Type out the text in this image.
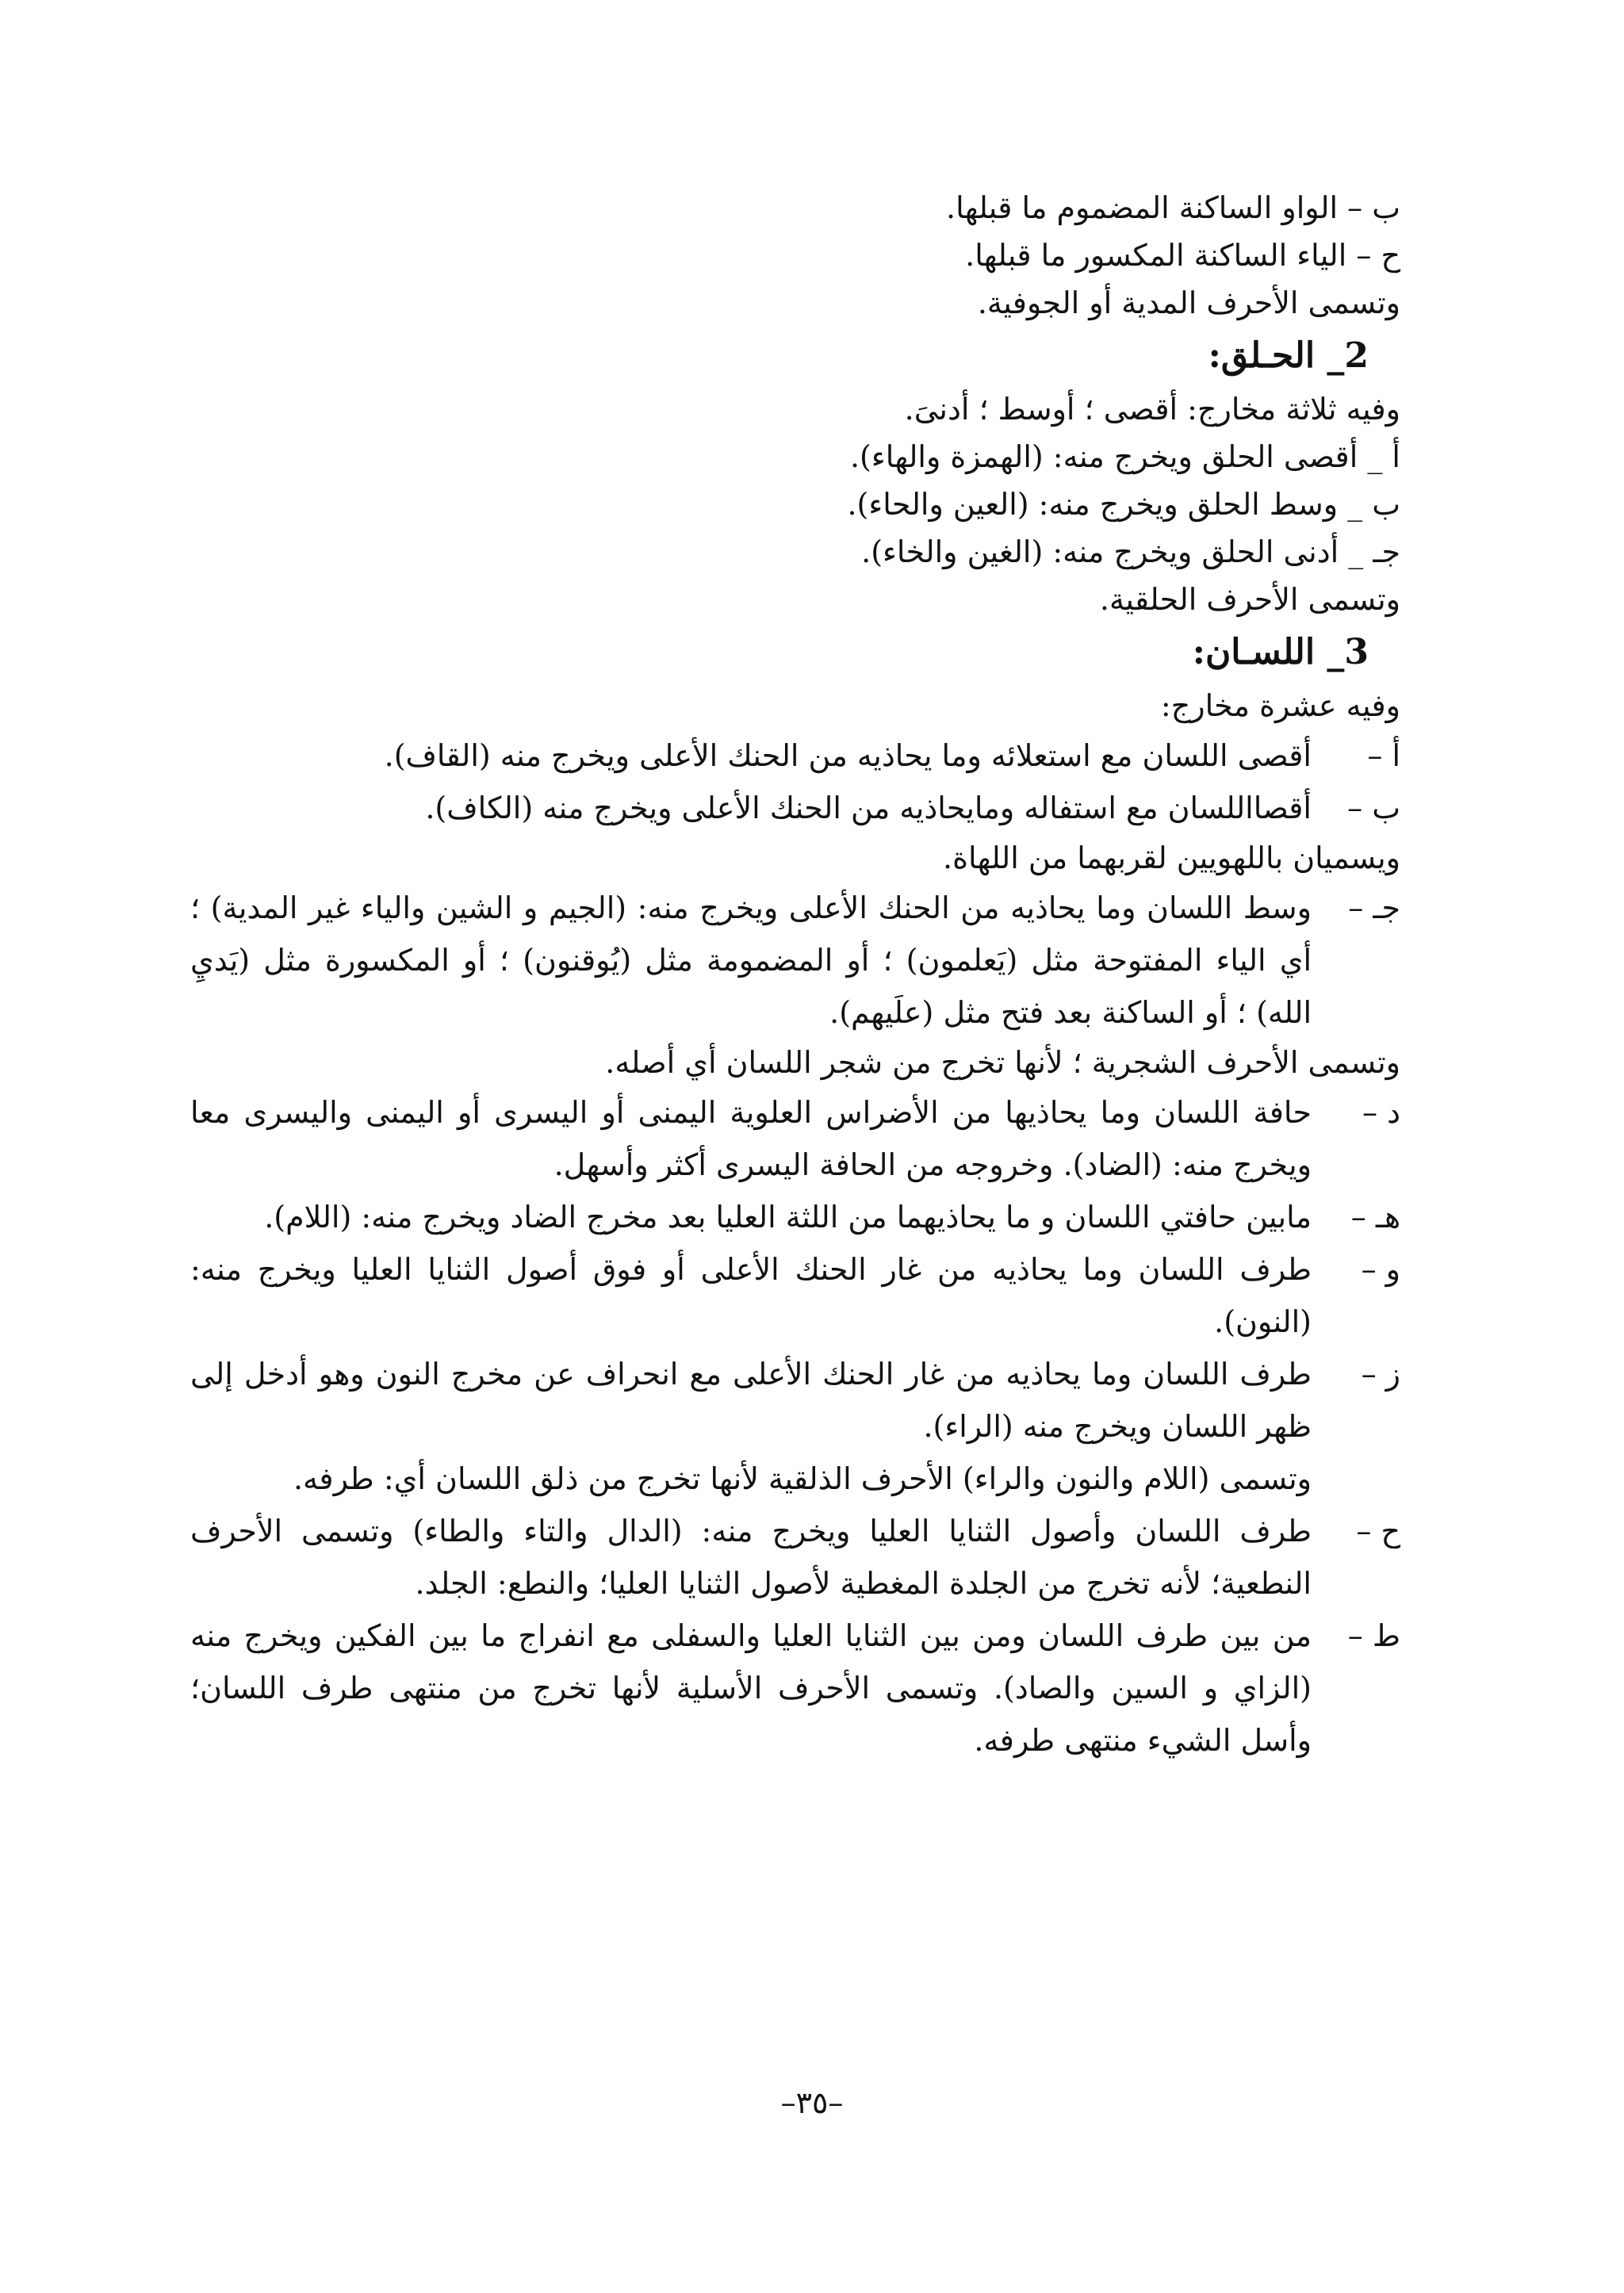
ب – الواو الساكنة المضموم ما قبلها.
ح – الياء الساكنة المكسور ما قبلها.
وتسمى الأحرف المدية أو الجوفية.
2_ الحـلق:
وفيه ثلاثة مخارج: أقصى ؛ أوسط ؛ أدنىَ.
أ _ أقصى الحلق ويخرج منه: (الهمزة والهاء).
ب _ وسط الحلق ويخرج منه: (العين والحاء).
جـ _ أدنى الحلق ويخرج منه: (الغين والخاء).
وتسمى الأحرف الحلقية.
3_ اللسـان:
وفيه عشرة مخارج:
أ –
أقصى اللسان مع استعلائه وما يحاذيه من الحنك الأعلى ويخرج منه (القاف).
ب –
أقصااللسان مع استفاله ومايحاذيه من الحنك الأعلى ويخرج منه (الكاف).
ويسميان باللهويين لقربهما من اللهاة.
جـ –
وسط اللسان وما يحاذيه من الحنك الأعلى ويخرج منه: (الجيم و الشين والياء غير المدية) ؛ أي الياء المفتوحة مثل (يَعلمون) ؛ أو المضمومة مثل (يُوقنون) ؛ أو المكسورة مثل (يَديِ الله) ؛ أو الساكنة بعد فتح مثل (علَيهم).
وتسمى الأحرف الشجرية ؛ لأنها تخرج من شجر اللسان أي أصله.
د –
حافة اللسان وما يحاذيها من الأضراس العلوية اليمنى أو اليسرى أو اليمنى واليسرى معا ويخرج منه: (الضاد). وخروجه من الحافة اليسرى أكثر وأسهل.
هـ –
مابين حافتي اللسان و ما يحاذيهما من اللثة العليا بعد مخرج الضاد ويخرج منه: (اللام).
و –
طرف اللسان وما يحاذيه من غار الحنك الأعلى أو فوق أصول الثنايا العليا ويخرج منه: (النون).
ز –
طرف اللسان وما يحاذيه من غار الحنك الأعلى مع انحراف عن مخرج النون وهو أدخل إلى ظهر اللسان ويخرج منه (الراء).
وتسمى (اللام والنون والراء) الأحرف الذلقية لأنها تخرج من ذلق اللسان أي: طرفه.
ح –
طرف اللسان وأصول الثنايا العليا ويخرج منه: (الدال والتاء والطاء) وتسمى الأحرف النطعية؛ لأنه تخرج من الجلدة المغطية لأصول الثنايا العليا؛ والنطع: الجلد.
ط –
من بين طرف اللسان ومن بين الثنايا العليا والسفلى مع انفراج ما بين الفكين ويخرج منه (الزاي و السين والصاد). وتسمى الأحرف الأسلية لأنها تخرج من منتهى طرف اللسان؛ وأسل الشيء منتهى طرفه.
–٣٥–
